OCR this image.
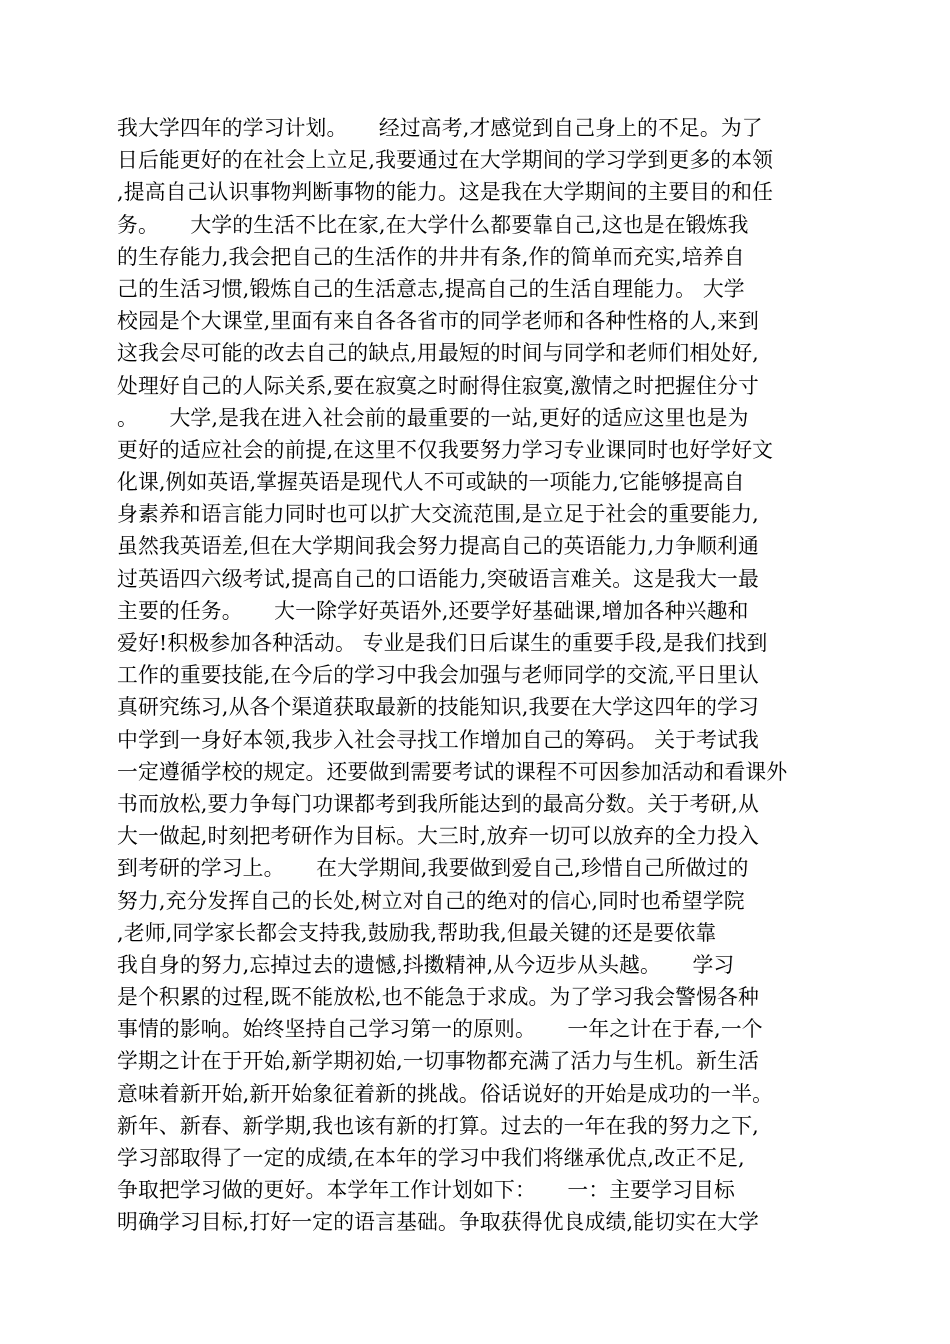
我大学四年的学习计划。　　经过高考,才感觉到自己身上的不足。为了
日后能更好的在社会上立足,我要通过在大学期间的学习学到更多的本领
,提高自己认识事物判断事物的能力。这是我在大学期间的主要目的和任
务。　　大学的生活不比在家,在大学什么都要靠自己,这也是在锻炼我
的生存能力,我会把自己的生活作的井井有条,作的简单而充实,培养自
己的生活习惯,锻炼自己的生活意志,提高自己的生活自理能力。 大学
校园是个大课堂,里面有来自各各省市的同学老师和各种性格的人,来到
这我会尽可能的改去自己的缺点,用最短的时间与同学和老师们相处好,
处理好自己的人际关系,要在寂寞之时耐得住寂寞,激情之时把握住分寸
。　　大学,是我在进入社会前的最重要的一站,更好的适应这里也是为
更好的适应社会的前提,在这里不仅我要努力学习专业课同时也好学好文
化课,例如英语,掌握英语是现代人不可或缺的一项能力,它能够提高自
身素养和语言能力同时也可以扩大交流范围,是立足于社会的重要能力,
虽然我英语差,但在大学期间我会努力提高自己的英语能力,力争顺利通
过英语四六级考试,提高自己的口语能力,突破语言难关。这是我大一最
主要的任务。　　大一除学好英语外,还要学好基础课,增加各种兴趣和
爱好!积极参加各种活动。 专业是我们日后谋生的重要手段,是我们找到
工作的重要技能,在今后的学习中我会加强与老师同学的交流,平日里认
真研究练习,从各个渠道获取最新的技能知识,我要在大学这四年的学习
中学到一身好本领,我步入社会寻找工作增加自己的筹码。 关于考试我
一定遵循学校的规定。还要做到需要考试的课程不可因参加活动和看课外
书而放松,要力争每门功课都考到我所能达到的最高分数。关于考研,从
大一做起,时刻把考研作为目标。大三时,放弃一切可以放弃的全力投入
到考研的学习上。　　在大学期间,我要做到爱自己,珍惜自己所做过的
努力,充分发挥自己的长处,树立对自己的绝对的信心,同时也希望学院
,老师,同学家长都会支持我,鼓励我,帮助我,但最关键的还是要依靠
我自身的努力,忘掉过去的遗憾,抖擞精神,从今迈步从头越。　　学习
是个积累的过程,既不能放松,也不能急于求成。为了学习我会警惕各种
事情的影响。始终坚持自己学习第一的原则。　　一年之计在于春,一个
学期之计在于开始,新学期初始,一切事物都充满了活力与生机。新生活
意味着新开始,新开始象征着新的挑战。俗话说好的开始是成功的一半。
新年、新春、新学期,我也该有新的打算。过去的一年在我的努力之下,
学习部取得了一定的成绩,在本年的学习中我们将继承优点,改正不足,
争取把学习做的更好。本学年工作计划如下：　　一：主要学习目标
明确学习目标,打好一定的语言基础。争取获得优良成绩,能切实在大学
